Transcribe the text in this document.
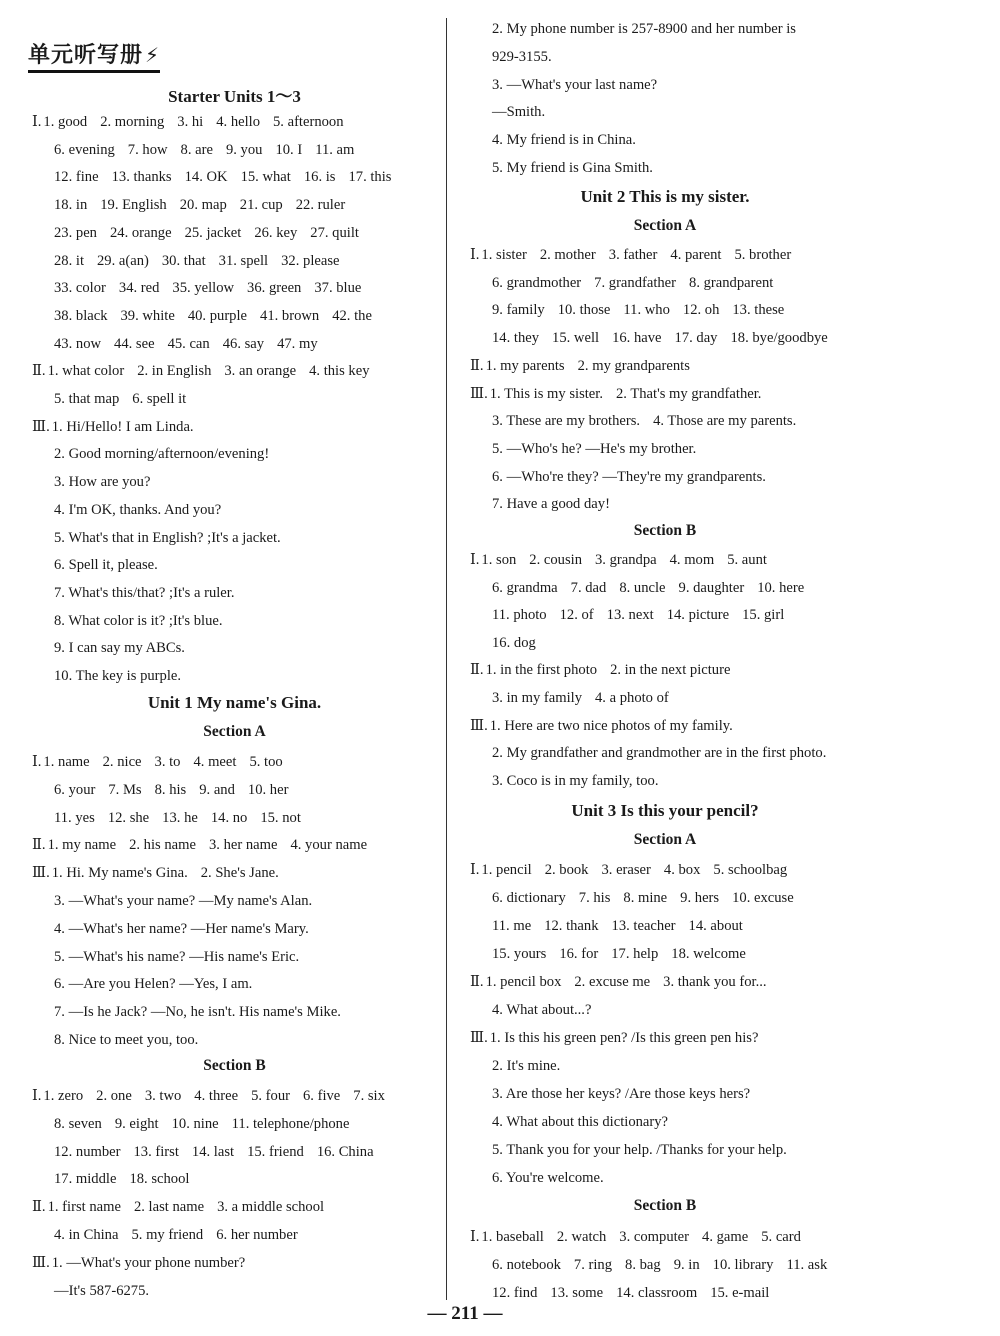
单元听写册 ⚡
Starter Units 1～3
Ⅰ. 1. good 2. morning 3. hi 4. hello 5. afternoon
6. evening 7. how 8. are 9. you 10. I 11. am
12. fine 13. thanks 14. OK 15. what 16. is 17. this
18. in 19. English 20. map 21. cup 22. ruler
23. pen 24. orange 25. jacket 26. key 27. quilt
28. it 29. a(an) 30. that 31. spell 32. please
33. color 34. red 35. yellow 36. green 37. blue
38. black 39. white 40. purple 41. brown 42. the
43. now 44. see 45. can 46. say 47. my
Ⅱ. 1. what color 2. in English 3. an orange 4. this key
5. that map 6. spell it
Ⅲ. 1. Hi/Hello! I am Linda.
2. Good morning/afternoon/evening!
3. How are you?
4. I'm OK, thanks. And you?
5. What's that in English? ;It's a jacket.
6. Spell it, please.
7. What's this/that? ;It's a ruler.
8. What color is it? ;It's blue.
9. I can say my ABCs.
10. The key is purple.
Unit 1 My name's Gina.
Section A
Ⅰ. 1. name 2. nice 3. to 4. meet 5. too
6. your 7. Ms 8. his 9. and 10. her
11. yes 12. she 13. he 14. no 15. not
Ⅱ. 1. my name 2. his name 3. her name 4. your name
Ⅲ. 1. Hi. My name's Gina. 2. She's Jane.
3. —What's your name? —My name's Alan.
4. —What's her name? —Her name's Mary.
5. —What's his name? —His name's Eric.
6. —Are you Helen? —Yes, I am.
7. —Is he Jack? —No, he isn't. His name's Mike.
8. Nice to meet you, too.
Section B
Ⅰ. 1. zero 2. one 3. two 4. three 5. four 6. five 7. six
8. seven 9. eight 10. nine 11. telephone/phone
12. number 13. first 14. last 15. friend 16. China
17. middle 18. school
Ⅱ. 1. first name 2. last name 3. a middle school
4. in China 5. my friend 6. her number
Ⅲ. 1. —What's your phone number?
—It's 587-6275.
2. My phone number is 257-8900 and her number is
929-3155.
3. —What's your last name?
—Smith.
4. My friend is in China.
5. My friend is Gina Smith.
Unit 2 This is my sister.
Section A
Ⅰ. 1. sister 2. mother 3. father 4. parent 5. brother
6. grandmother 7. grandfather 8. grandparent
9. family 10. those 11. who 12. oh 13. these
14. they 15. well 16. have 17. day 18. bye/goodbye
Ⅱ. 1. my parents 2. my grandparents
Ⅲ. 1. This is my sister. 2. That's my grandfather.
3. These are my brothers. 4. Those are my parents.
5. —Who's he? —He's my brother.
6. —Who're they? —They're my grandparents.
7. Have a good day!
Section B
Ⅰ. 1. son 2. cousin 3. grandpa 4. mom 5. aunt
6. grandma 7. dad 8. uncle 9. daughter 10. here
11. photo 12. of 13. next 14. picture 15. girl
16. dog
Ⅱ. 1. in the first photo 2. in the next picture
3. in my family 4. a photo of
Ⅲ. 1. Here are two nice photos of my family.
2. My grandfather and grandmother are in the first photo.
3. Coco is in my family, too.
Unit 3 Is this your pencil?
Section A
Ⅰ. 1. pencil 2. book 3. eraser 4. box 5. schoolbag
6. dictionary 7. his 8. mine 9. hers 10. excuse
11. me 12. thank 13. teacher 14. about
15. yours 16. for 17. help 18. welcome
Ⅱ. 1. pencil box 2. excuse me 3. thank you for...
4. What about...?
Ⅲ. 1. Is this his green pen? /Is this green pen his?
2. It's mine.
3. Are those her keys? /Are those keys hers?
4. What about this dictionary?
5. Thank you for your help. /Thanks for your help.
6. You're welcome.
Section B
Ⅰ. 1. baseball 2. watch 3. computer 4. game 5. card
6. notebook 7. ring 8. bag 9. in 10. library 11. ask
12. find 13. some 14. classroom 15. e-mail
— 211 —
